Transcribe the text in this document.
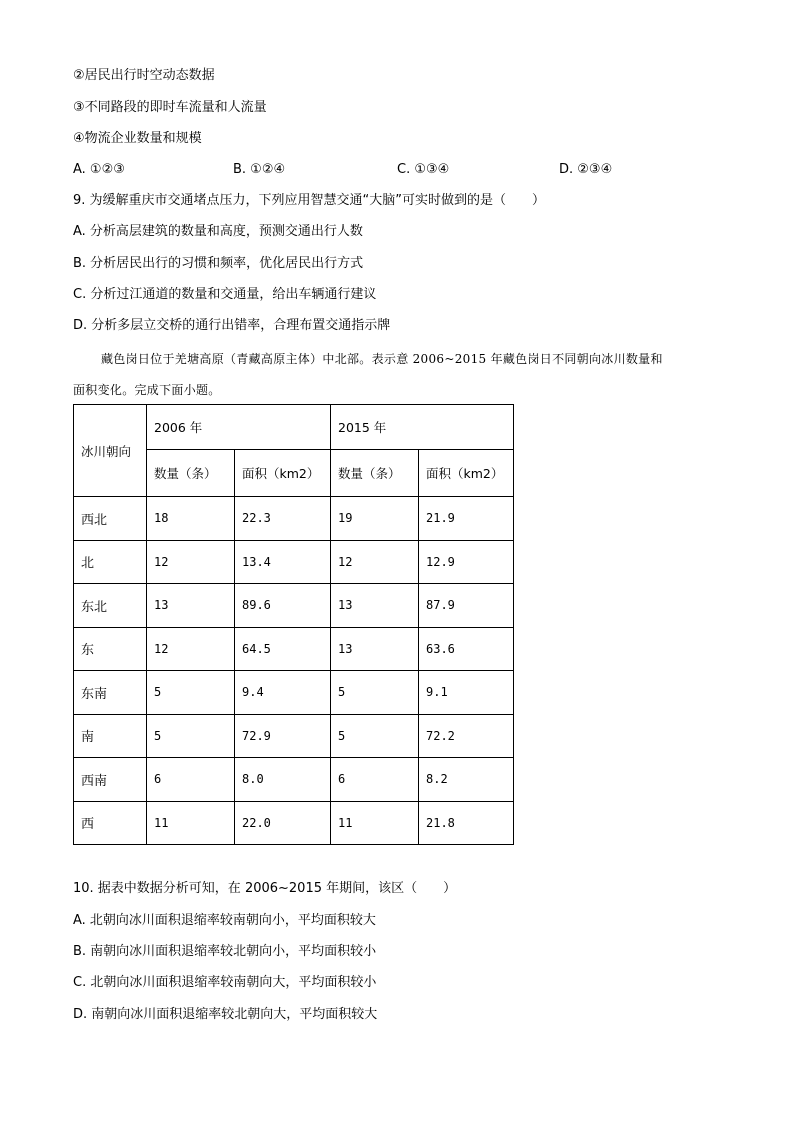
②居民出行时空动态数据
③不同路段的即时车流量和人流量
④物流企业数量和规模
A. ①②③	B. ①②④	C. ①③④	D. ②③④
9. 为缓解重庆市交通堵点压力，下列应用智慧交通“大脑”可实时做到的是（　　）
A. 分析高层建筑的数量和高度，预测交通出行人数
B. 分析居民出行的习惯和频率，优化居民出行方式
C. 分析过江通道的数量和交通量，给出车辆通行建议
D. 分析多层立交桥的通行出错率，合理布置交通指示牌
藏色岗日位于羌塘高原（青藏高原主体）中北部。表示意 2006~2015 年藏色岗日不同朝向冰川数量和
面积变化。完成下面小题。
冰川朝向	2006 年		2015 年	
	数量（条）	面积（km2）	数量（条）	面积（km2）
西北	18	22.3	19	21.9
北	12	13.4	12	12.9
东北	13	89.6	13	87.9
东	12	64.5	13	63.6
东南	5	9.4	5	9.1
南	5	72.9	5	72.2
西南	6	8.0	6	8.2
西	11	22.0	11	21.8
10. 据表中数据分析可知，在 2006~2015 年期间，该区（　　）
A. 北朝向冰川面积退缩率较南朝向小，平均面积较大
B. 南朝向冰川面积退缩率较北朝向小，平均面积较小
C. 北朝向冰川面积退缩率较南朝向大，平均面积较小
D. 南朝向冰川面积退缩率较北朝向大，平均面积较大
